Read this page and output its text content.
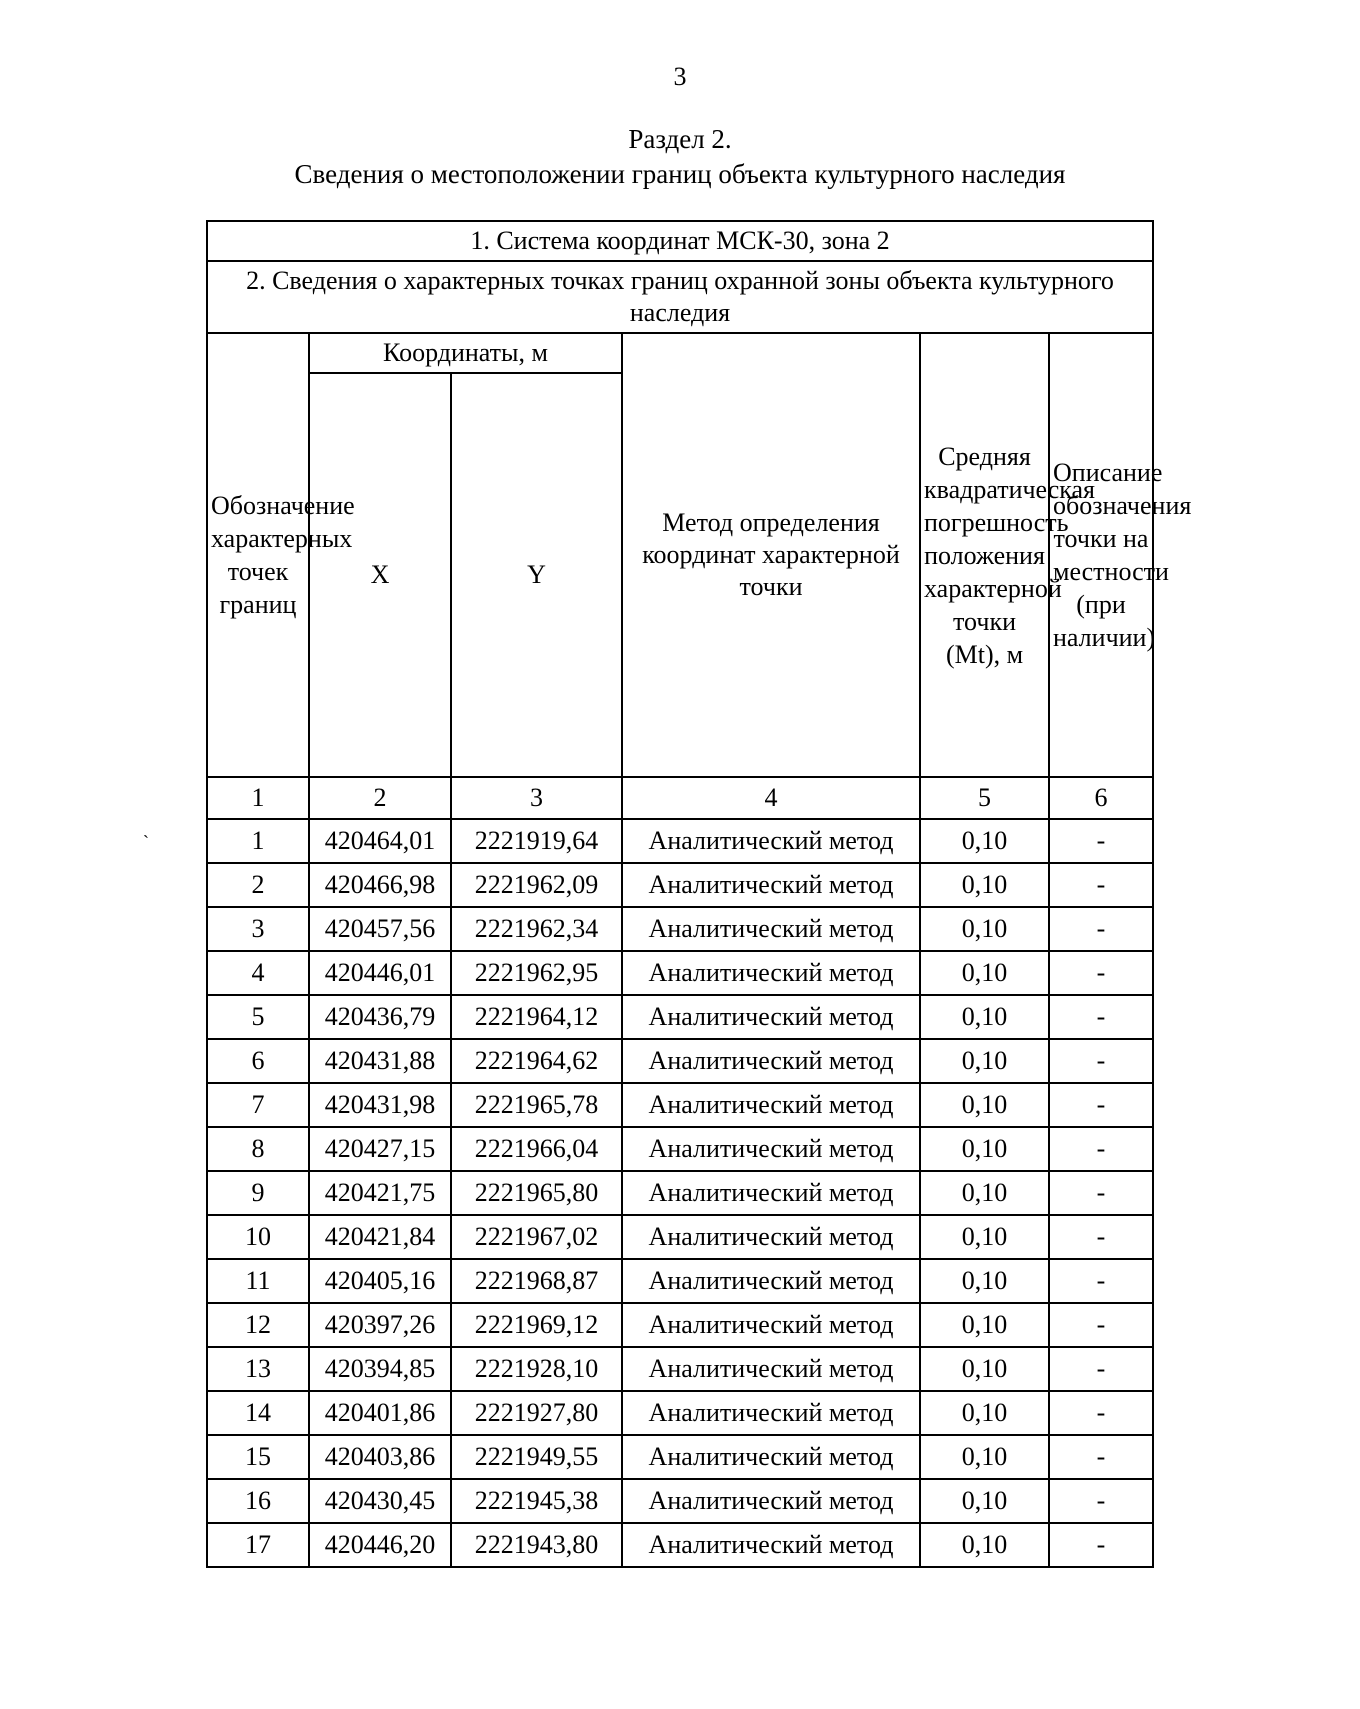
3
Раздел 2.
Сведения о местоположении границ объекта культурного наследия
`
1. Система координат МСК-30, зона 2					
2. Сведения о характерных точках границ охранной зоны объекта культурного наследия					
Обозначение характерных точек границ	Координаты, м		Метод определения координат характерной точки	Средняя квадратическая погрешность положения характерной точки (Mt), м	Описание обозначения точки на местности (при наличии)
	X	Y			
1	2	3	4	5	6
1	420464,01	2221919,64	Аналитический метод	0,10	-
2	420466,98	2221962,09	Аналитический метод	0,10	-
3	420457,56	2221962,34	Аналитический метод	0,10	-
4	420446,01	2221962,95	Аналитический метод	0,10	-
5	420436,79	2221964,12	Аналитический метод	0,10	-
6	420431,88	2221964,62	Аналитический метод	0,10	-
7	420431,98	2221965,78	Аналитический метод	0,10	-
8	420427,15	2221966,04	Аналитический метод	0,10	-
9	420421,75	2221965,80	Аналитический метод	0,10	-
10	420421,84	2221967,02	Аналитический метод	0,10	-
11	420405,16	2221968,87	Аналитический метод	0,10	-
12	420397,26	2221969,12	Аналитический метод	0,10	-
13	420394,85	2221928,10	Аналитический метод	0,10	-
14	420401,86	2221927,80	Аналитический метод	0,10	-
15	420403,86	2221949,55	Аналитический метод	0,10	-
16	420430,45	2221945,38	Аналитический метод	0,10	-
17	420446,20	2221943,80	Аналитический метод	0,10	-
